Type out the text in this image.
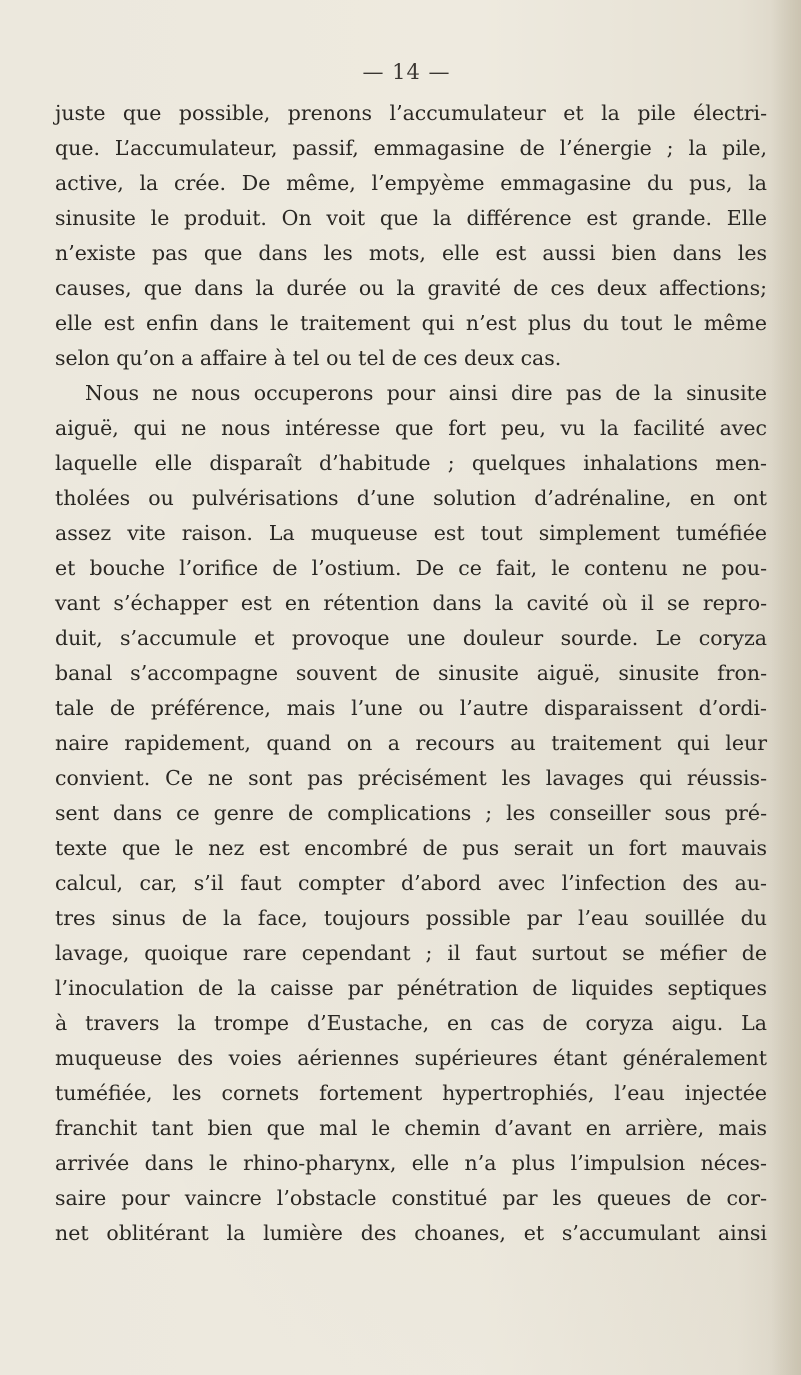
— 14 —
juste que possible, prenons l’accumulateur et la pile électri-
que. L’accumulateur, passif, emmagasine de l’énergie ; la pile,
active, la crée. De même, l’empyème emmagasine du pus, la
sinusite le produit. On voit que la différence est grande. Elle
n’existe pas que dans les mots, elle est aussi bien dans les
causes, que dans la durée ou la gravité de ces deux affections;
elle est enfin dans le traitement qui n’est plus du tout le même
selon qu’on a affaire à tel ou tel de ces deux cas.
Nous ne nous occuperons pour ainsi dire pas de la sinusite
aiguë, qui ne nous intéresse que fort peu, vu la facilité avec
laquelle elle disparaît d’habitude ; quelques inhalations men-
tholées ou pulvérisations d’une solution d’adrénaline, en ont
assez vite raison. La muqueuse est tout simplement tuméfiée
et bouche l’orifice de l’ostium. De ce fait, le contenu ne pou-
vant s’échapper est en rétention dans la cavité où il se repro-
duit, s’accumule et provoque une douleur sourde. Le coryza
banal s’accompagne souvent de sinusite aiguë, sinusite fron-
tale de préférence, mais l’une ou l’autre disparaissent d’ordi-
naire rapidement, quand on a recours au traitement qui leur
convient. Ce ne sont pas précisément les lavages qui réussis-
sent dans ce genre de complications ; les conseiller sous pré-
texte que le nez est encombré de pus serait un fort mauvais
calcul, car, s’il faut compter d’abord avec l’infection des au-
tres sinus de la face, toujours possible par l’eau souillée du
lavage, quoique rare cependant ; il faut surtout se méfier de
l’inoculation de la caisse par pénétration de liquides septiques
à travers la trompe d’Eustache, en cas de coryza aigu. La
muqueuse des voies aériennes supérieures étant généralement
tuméfiée, les cornets fortement hypertrophiés, l’eau injectée
franchit tant bien que mal le chemin d’avant en arrière, mais
arrivée dans le rhino-pharynx, elle n’a plus l’impulsion néces-
saire pour vaincre l’obstacle constitué par les queues de cor-
net oblitérant la lumière des choanes, et s’accumulant ainsi
